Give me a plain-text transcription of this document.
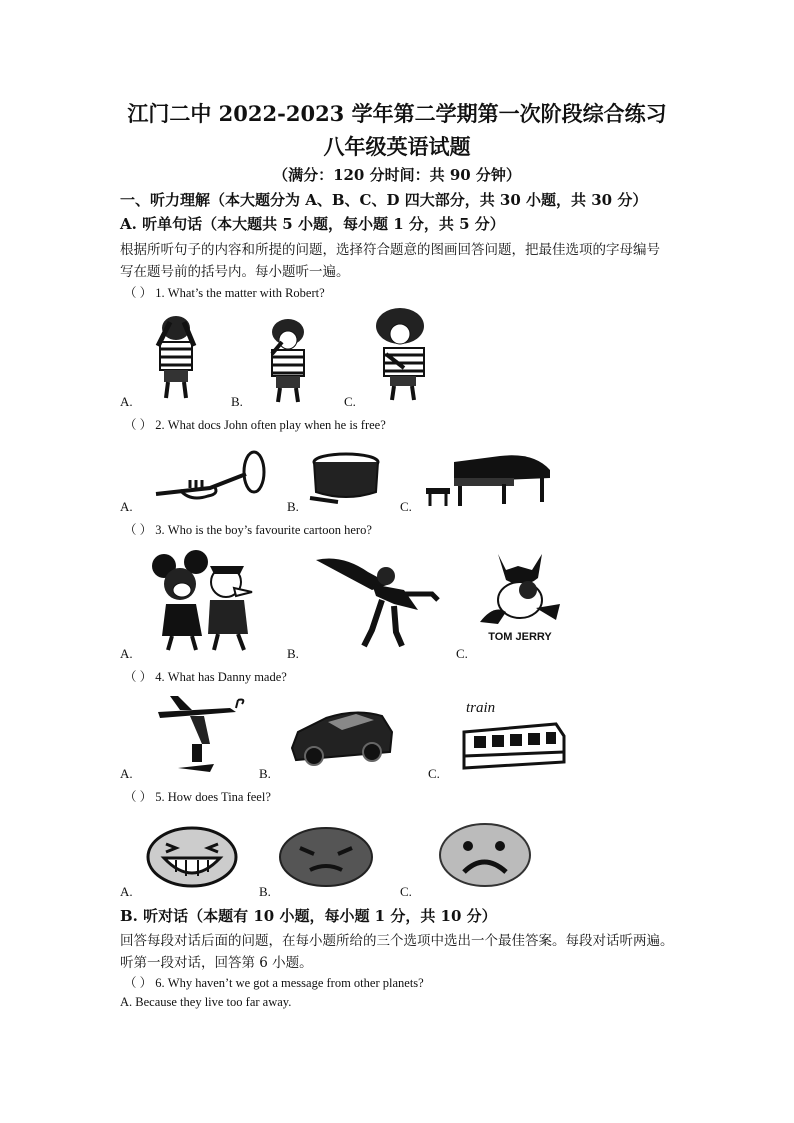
江门二中 2022-2023 学年第二学期第一次阶段综合练习
八年级英语试题
（满分：120 分时间：共 90 分钟）
一、听力理解（本大题分为 A、B、C、D 四大部分，共 30 小题，共 30 分）
A. 听单句话（本大题共 5 小题，每小题 1 分，共 5 分）
根据所听句子的内容和所提的问题，选择符合题意的图画回答问题，把最佳选项的字母编号
写在题号前的括号内。每小题听一遍。
（ ） 1. What’s the matter with Robert?
A.	B.	C.
（ ） 2. What docs John often play when he is free?
A.	B.	C.
（ ） 3. Who is the boy’s favourite cartoon hero?
TOM JERRY
A.	B.	C.
（ ） 4. What has Danny made?
train
A.	B.	C.
（ ） 5. How does Tina feel?
A.	B.	C.
B. 听对话（本题有 10 小题，每小题 1 分，共 10 分）
回答每段对话后面的问题，在每小题所给的三个选项中选出一个最佳答案。每段对话听两遍。
听第一段对话，回答第 6 小题。
（ ） 6. Why haven’t we got a message from other planets?
A. Because they live too far away.
